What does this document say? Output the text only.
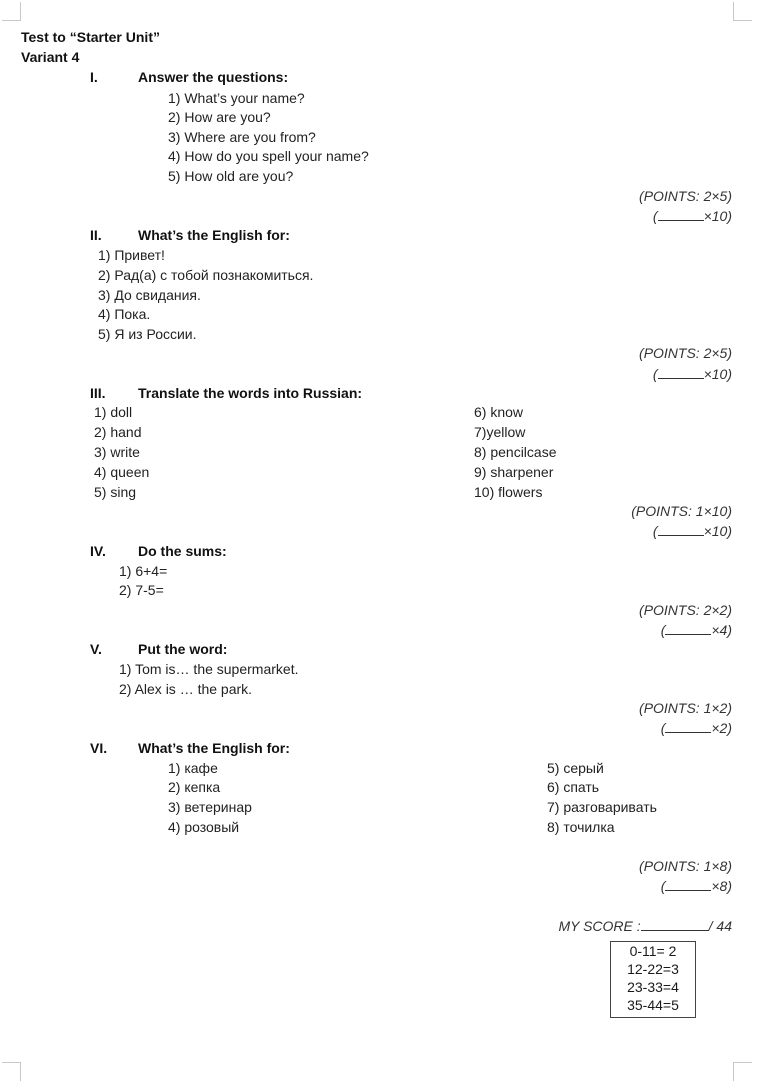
Test to “Starter Unit”
Variant 4
I.	Answer the questions:
1) What’s your name?
2) How are you?
3) Where are you from?
4) How do you spell your name?
5) How old are you?
(POINTS: 2×5)
(	×10)
II.	What’s the English for:
1) Привет!
2) Рад(а) с тобой познакомиться.
3) До свидания.
4) Пока.
5) Я из России.
(POINTS: 2×5)
(	×10)
III. Translate the words into Russian:
1) doll
2) hand
3) write
4) queen
5) sing
6) know
7)yellow
8) pencilcase
9) sharpener
10) flowers
(POINTS: 1×10)
(	×10)
IV. Do the sums:
1) 6+4=
2) 7-5=
(POINTS: 2×2)
(	×4)
V.	Put the word:
1) Tom is… the supermarket.
2) Alex is … the park.
(POINTS: 1×2)
(	×2)
VI. What’s the English for:
1) кафе
2) кепка
3) ветеринар
4) розовый
5) серый
6) спать
7) разговаривать
8) точилка
(POINTS: 1×8)
(	×8)
MY SCORE :	/ 44
0-11= 2
12-22=3
23-33=4
35-44=5
